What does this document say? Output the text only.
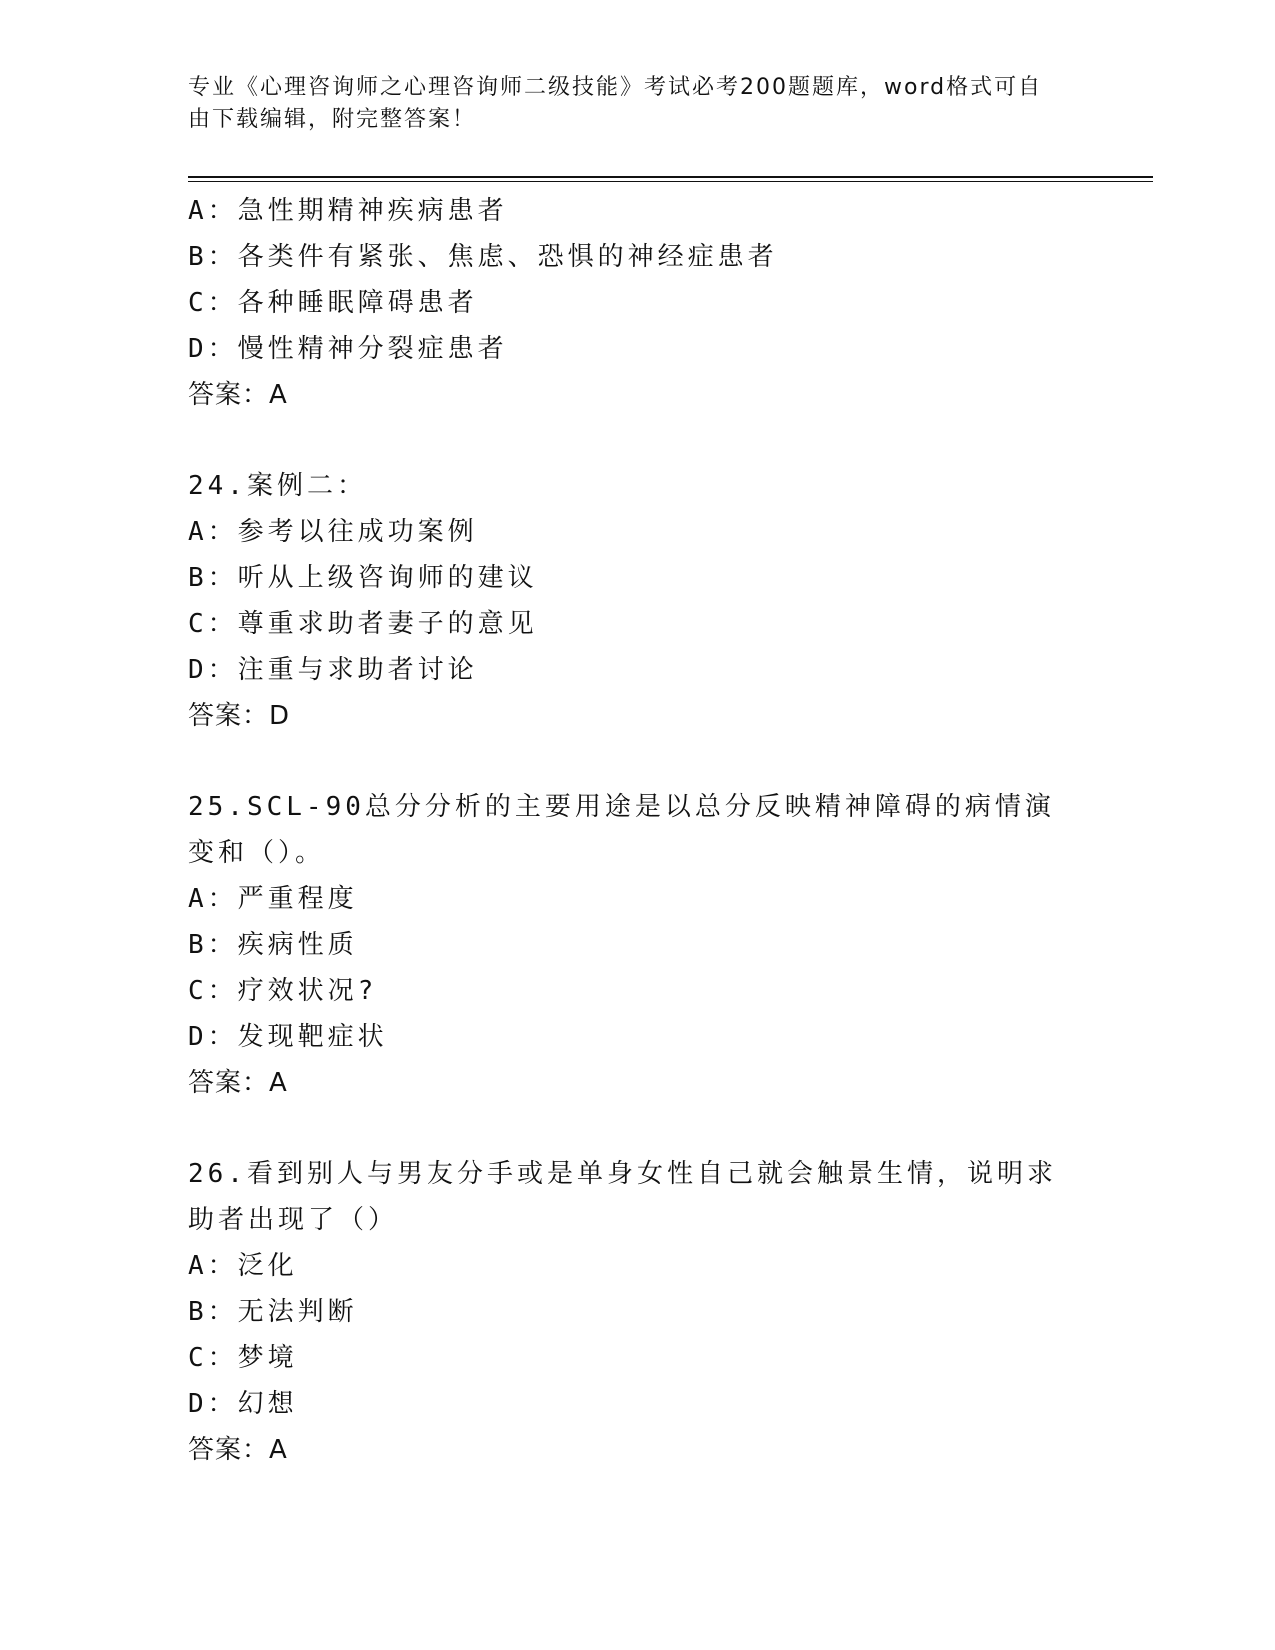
专业《心理咨询师之心理咨询师二级技能》考试必考200题题库，word格式可自
由下载编辑，附完整答案！
A：急性期精神疾病患者
B：各类件有紧张、焦虑、恐惧的神经症患者
C：各种睡眠障碍患者
D：慢性精神分裂症患者
答案：A
24.案例二：
A：参考以往成功案例
B：听从上级咨询师的建议
C：尊重求助者妻子的意见
D：注重与求助者讨论
答案：D
25.SCL-90总分分析的主要用途是以总分反映精神障碍的病情演变和（）。
A：严重程度
B：疾病性质
C：疗效状况?
D：发现靶症状
答案：A
26.看到别人与男友分手或是单身女性自己就会触景生情，说明求助者出现了（）
A：泛化
B：无法判断
C：梦境
D：幻想
答案：A
